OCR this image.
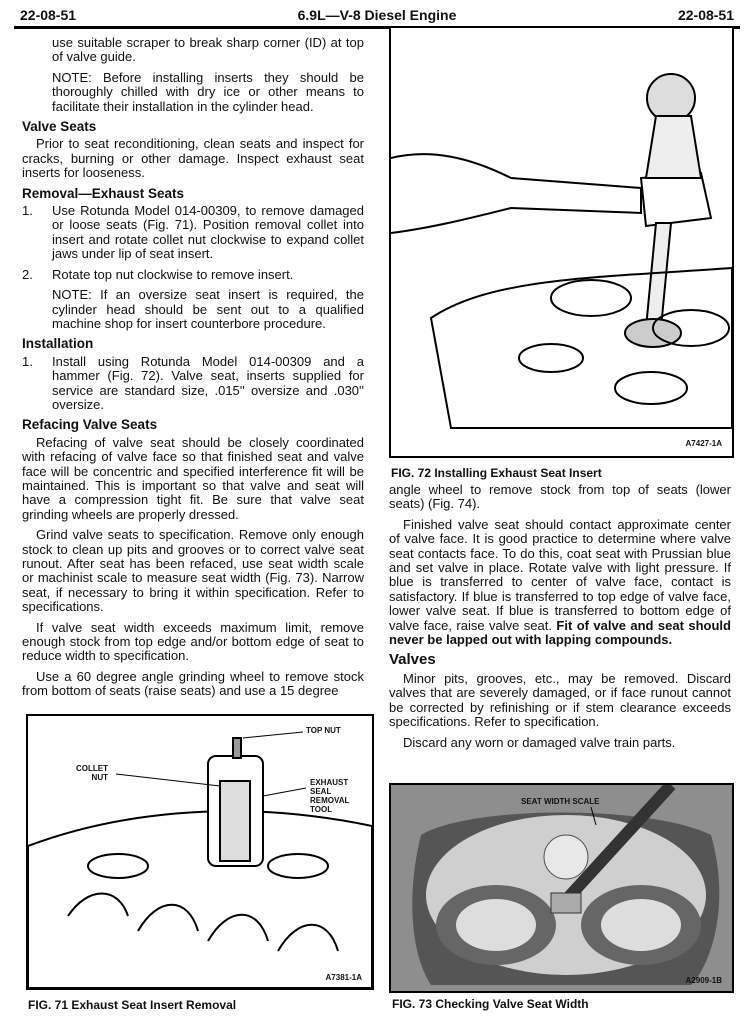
22-08-51	6.9L—V-8 Diesel Engine	22-08-51

use suitable scraper to break sharp corner (ID) at top of valve guide.

NOTE: Before installing inserts they should be thoroughly chilled with dry ice or other means to facilitate their installation in the cylinder head.

Valve Seats

Prior to seat reconditioning, clean seats and inspect for cracks, burning or other damage. Inspect exhaust seat inserts for looseness.

Removal—Exhaust Seats
1.	Use Rotunda Model 014-00309, to remove damaged or loose seats (Fig. 71). Position removal collet into insert and rotate collet nut clockwise to expand collet jaws under lip of seat insert.
2.	Rotate top nut clockwise to remove insert.

NOTE: If an oversize seat insert is required, the cylinder head should be sent out to a qualified machine shop for insert counterbore procedure.

Installation
1.	Install using Rotunda Model 014-00309 and a hammer (Fig. 72). Valve seat, inserts supplied for service are standard size, .015'' oversize and .030'' oversize.
Refacing Valve Seats

Refacing of valve seat should be closely coordinated with refacing of valve face so that finished seat and valve face will be concentric and specified interference fit will be maintained. This is important so that valve and seat will have a compression tight fit. Be sure that valve seat grinding wheels are properly dressed.

Grind valve seats to specification. Remove only enough stock to clean up pits and grooves or to correct valve seat runout. After seat has been refaced, use seat width scale or machinist scale to measure seat width (Fig. 73). Narrow seat, if necessary to bring it within specification. Refer to specifications.

If valve seat width exceeds maximum limit, remove enough stock from top edge and/or bottom edge of seat to reduce width to specification.

Use a 60 degree angle grinding wheel to remove stock from bottom of seats (raise seats) and use a 15 degree

A7427-1A
FIG. 72 Installing Exhaust Seat Insert

angle wheel to remove stock from top of seats (lower seats) (Fig. 74).

Finished valve seat should contact approximate center of valve face. It is good practice to determine where valve seat contacts face. To do this, coat seat with Prussian blue and set valve in place. Rotate valve with light pressure. If blue is transferred to center of valve face, contact is satisfactory. If blue is transferred to top edge of valve face, lower valve seat. If blue is transferred to bottom edge of valve face, raise valve seat. Fit of valve and seat should never be lapped out with lapping compounds.

Valves

Minor pits, grooves, etc., may be removed. Discard valves that are severely damaged, or if face runout cannot be corrected by refinishing or if stem clearance exceeds specifications. Refer to specification.

Discard any worn or damaged valve train parts.

TOP NUT
COLLET
NUT
EXHAUST
SEAL
REMOVAL
TOOL
A7381-1A
FIG. 71 Exhaust Seat Insert Removal
SEAT WIDTH SCALE
A2909-1B
FIG. 73 Checking Valve Seat Width
